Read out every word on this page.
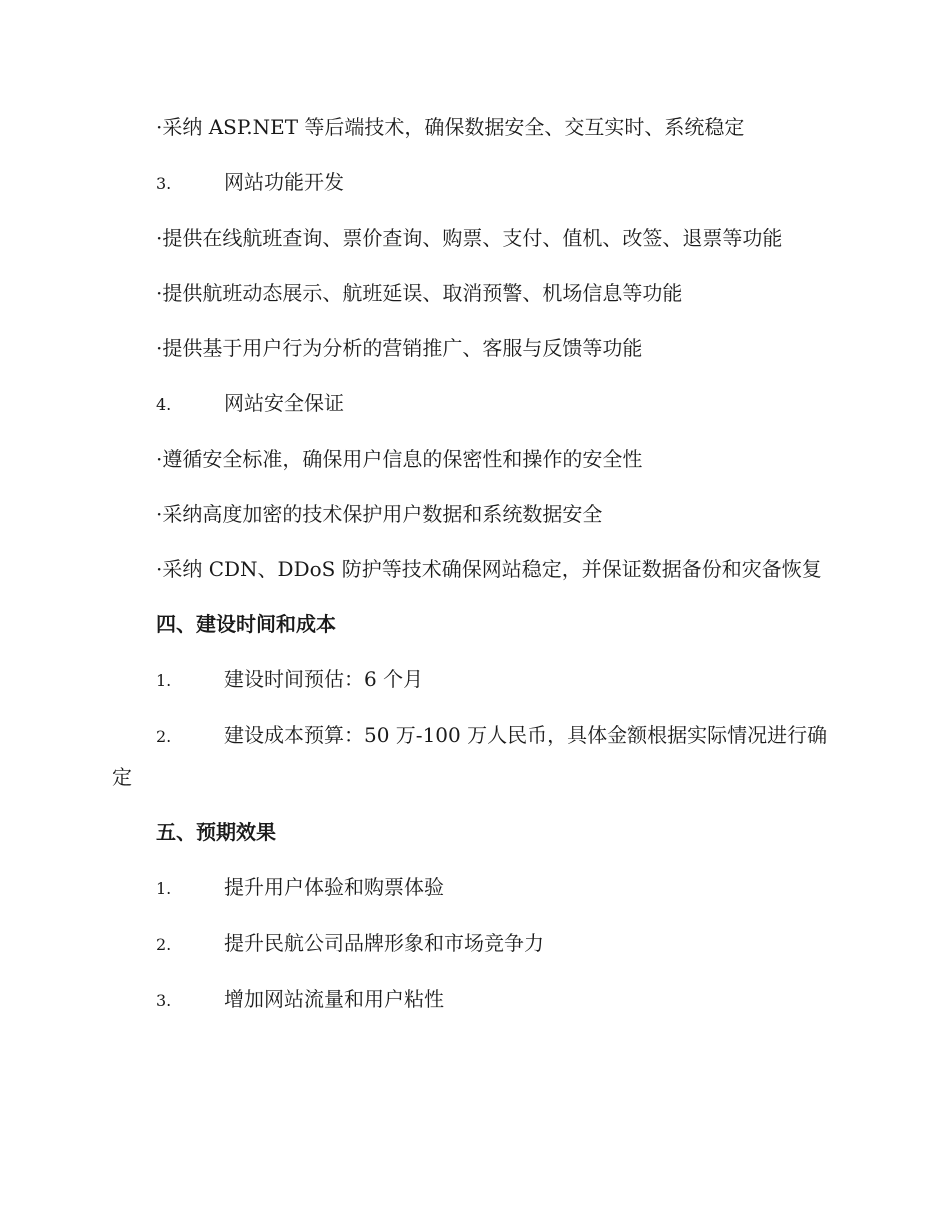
·采纳 ASP.NET 等后端技术，确保数据安全、交互实时、系统稳定

3.	网站功能开发

·提供在线航班查询、票价查询、购票、支付、值机、改签、退票等功能

·提供航班动态展示、航班延误、取消预警、机场信息等功能

·提供基于用户行为分析的营销推广、客服与反馈等功能

4.	网站安全保证

·遵循安全标准，确保用户信息的保密性和操作的安全性

·采纳高度加密的技术保护用户数据和系统数据安全

·采纳 CDN、DDoS 防护等技术确保网站稳定，并保证数据备份和灾备恢复

四、建设时间和成本

1.	建设时间预估：6 个月

2.	建设成本预算：50 万-100 万人民币，具体金额根据实际情况进行确定

五、预期效果

1.	提升用户体验和购票体验
2.	提升民航公司品牌形象和市场竞争力
3.	增加网站流量和用户粘性
